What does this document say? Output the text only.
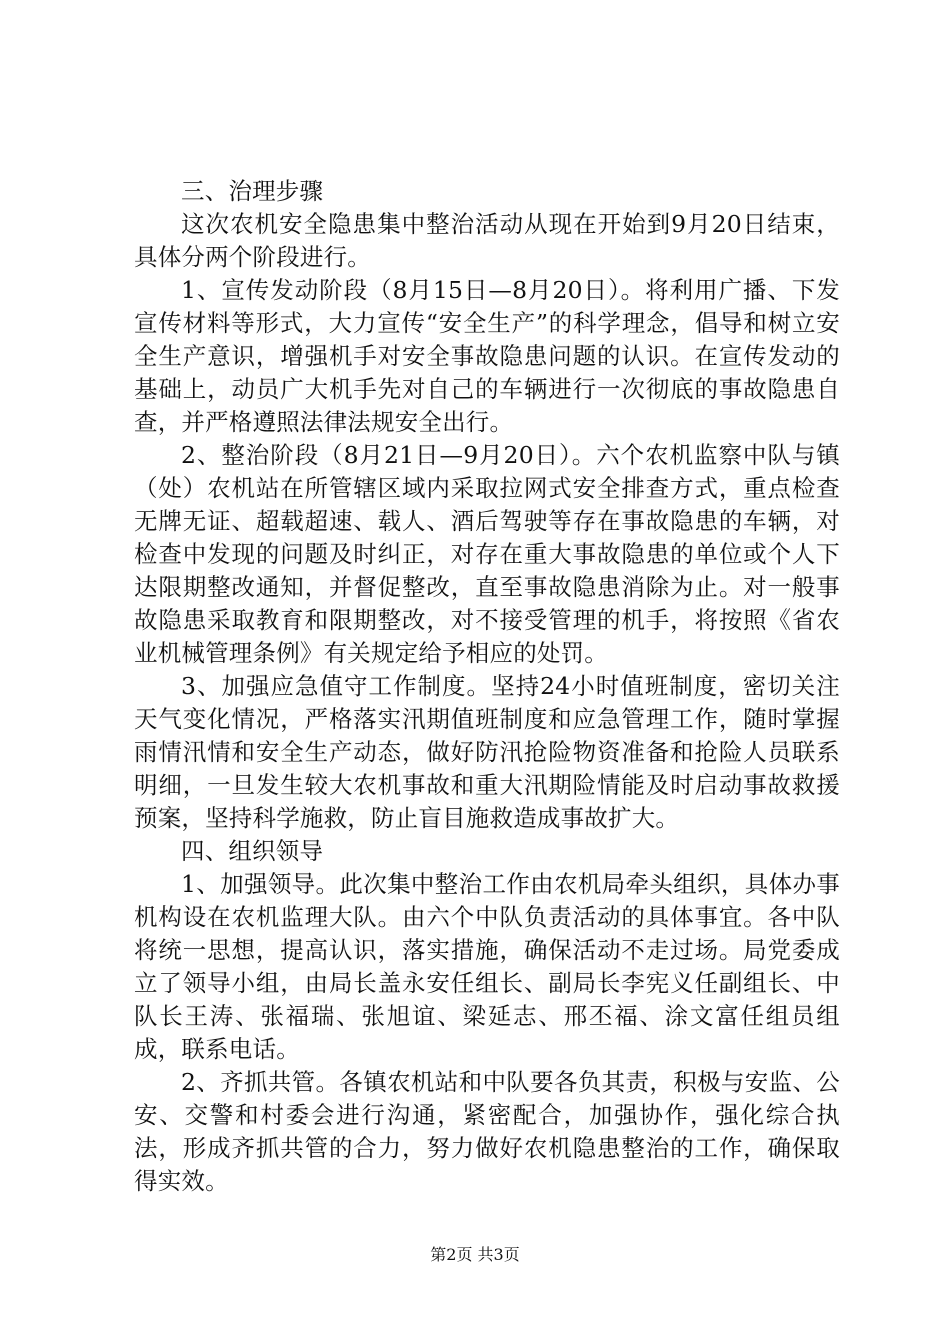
三、治理步骤

这次农机安全隐患集中整治活动从现在开始到9月20日结束，具体分两个阶段进行。

1、宣传发动阶段（8月15日—8月20日）。将利用广播、下发宣传材料等形式，大力宣传“安全生产”的科学理念，倡导和树立安全生产意识，增强机手对安全事故隐患问题的认识。在宣传发动的基础上，动员广大机手先对自己的车辆进行一次彻底的事故隐患自查，并严格遵照法律法规安全出行。

2、整治阶段（8月21日—9月20日）。六个农机监察中队与镇（处）农机站在所管辖区域内采取拉网式安全排查方式，重点检查无牌无证、超载超速、载人、酒后驾驶等存在事故隐患的车辆，对检查中发现的问题及时纠正，对存在重大事故隐患的单位或个人下达限期整改通知，并督促整改，直至事故隐患消除为止。对一般事故隐患采取教育和限期整改，对不接受管理的机手，将按照《省农业机械管理条例》有关规定给予相应的处罚。

3、加强应急值守工作制度。坚持24小时值班制度，密切关注天气变化情况，严格落实汛期值班制度和应急管理工作，随时掌握雨情汛情和安全生产动态，做好防汛抢险物资准备和抢险人员联系明细，一旦发生较大农机事故和重大汛期险情能及时启动事故救援预案，坚持科学施救，防止盲目施救造成事故扩大。

四、组织领导

1、加强领导。此次集中整治工作由农机局牵头组织，具体办事机构设在农机监理大队。由六个中队负责活动的具体事宜。各中队将统一思想，提高认识，落实措施，确保活动不走过场。局党委成立了领导小组，由局长盖永安任组长、副局长李宪义任副组长、中队长王涛、张福瑞、张旭谊、梁延志、邢丕福、涂文富任组员组成，联系电话。

2、齐抓共管。各镇农机站和中队要各负其责，积极与安监、公安、交警和村委会进行沟通，紧密配合，加强协作，强化综合执法，形成齐抓共管的合力，努力做好农机隐患整治的工作，确保取得实效。

第2页 共3页
